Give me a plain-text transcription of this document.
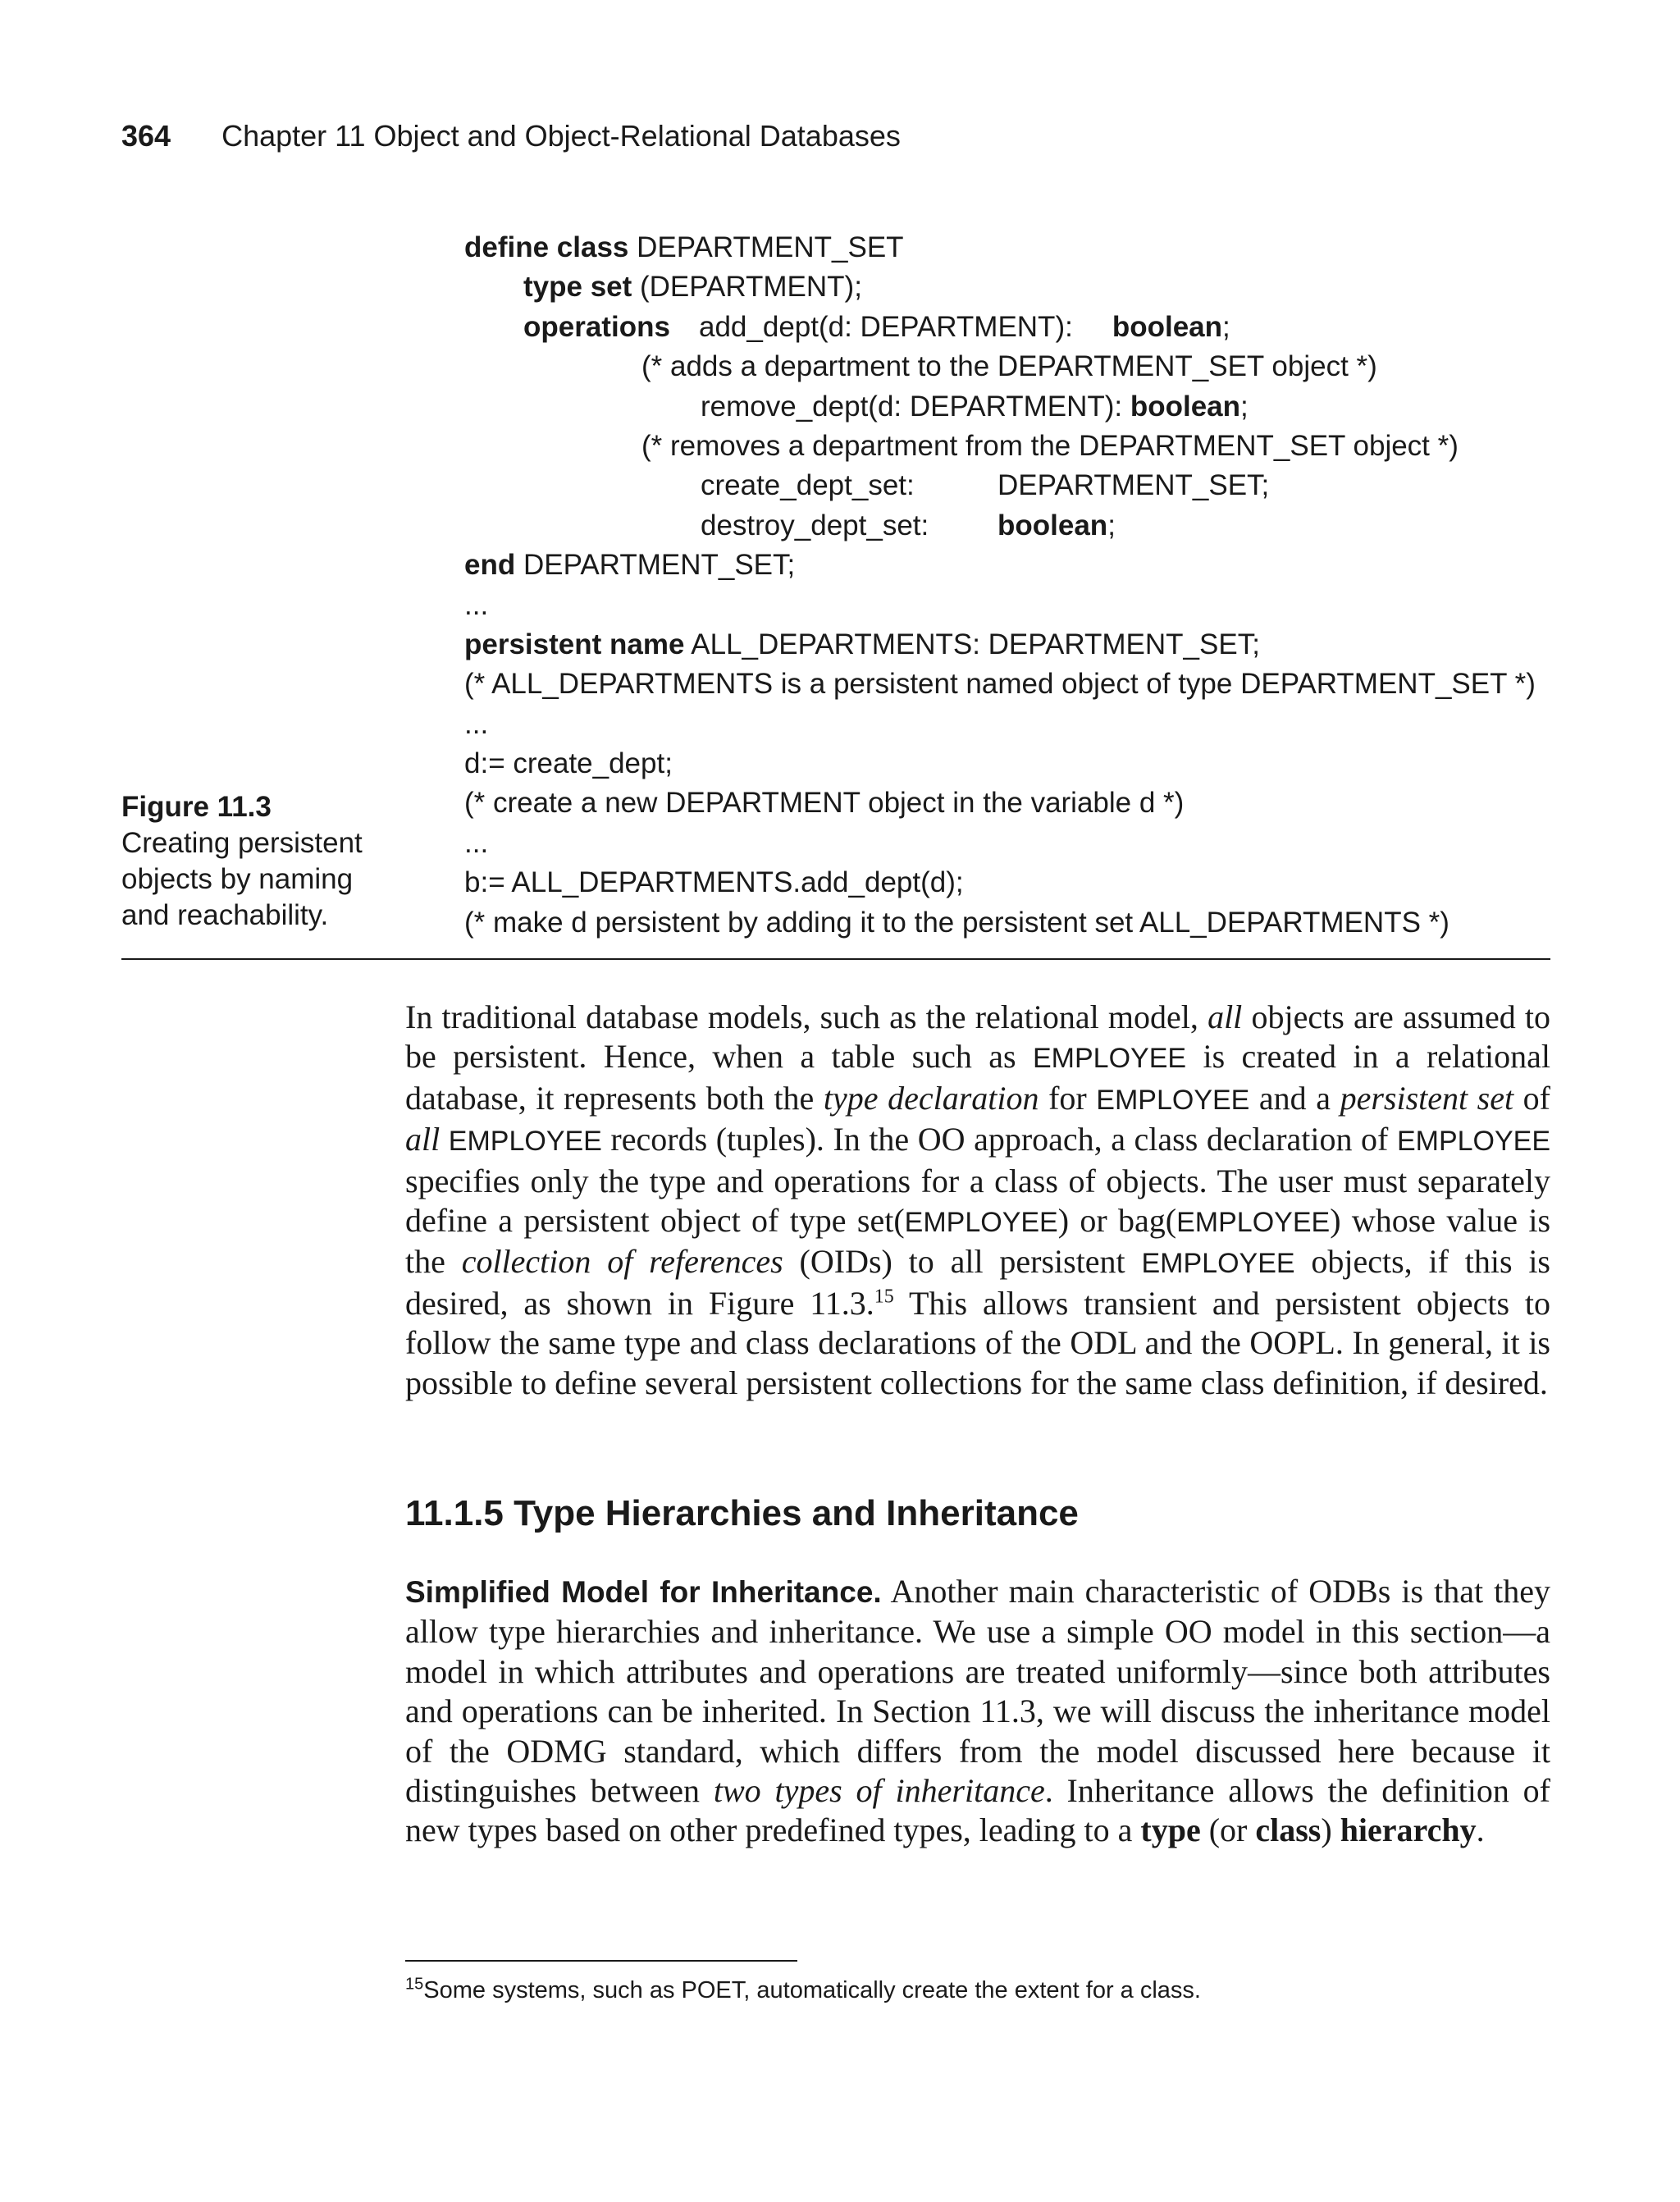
364 Chapter 11 Object and Object-Relational Databases
define class DEPARTMENT_SET
type set (DEPARTMENT);
operations add_dept(d: DEPARTMENT): boolean;
(* adds a department to the DEPARTMENT_SET object *)
remove_dept(d: DEPARTMENT): boolean;
(* removes a department from the DEPARTMENT_SET object *)
create_dept_set:	DEPARTMENT_SET;
destroy_dept_set: boolean;
end DEPARTMENT_SET;
...
persistent name ALL_DEPARTMENTS: DEPARTMENT_SET;
(* ALL_DEPARTMENTS is a persistent named object of type DEPARTMENT_SET *)
...
d:= create_dept;
(* create a new DEPARTMENT object in the variable d *)
...
b:= ALL_DEPARTMENTS.add_dept(d);
(* make d persistent by adding it to the persistent set ALL_DEPARTMENTS *)
Figure 11.3
Creating persistent objects by naming and reachability.

In traditional database models, such as the relational model, all objects are assumed to be persistent. Hence, when a table such as EMPLOYEE is created in a relational database, it represents both the type declaration for EMPLOYEE and a persistent set of all EMPLOYEE records (tuples). In the OO approach, a class declaration of EMPLOYEE specifies only the type and operations for a class of objects. The user must separately define a persistent object of type set(EMPLOYEE) or bag(EMPLOYEE) whose value is the collection of references (OIDs) to all persistent EMPLOYEE objects, if this is desired, as shown in Figure 11.3.15 This allows transient and persistent objects to follow the same type and class declarations of the ODL and the OOPL. In general, it is possible to define several persistent collections for the same class definition, if desired.

11.1.5 Type Hierarchies and Inheritance

Simplified Model for Inheritance. Another main characteristic of ODBs is that they allow type hierarchies and inheritance. We use a simple OO model in this section—a model in which attributes and operations are treated uniformly—since both attributes and operations can be inherited. In Section 11.3, we will discuss the inheritance model of the ODMG standard, which differs from the model discussed here because it distinguishes between two types of inheritance. Inheritance allows the definition of new types based on other predefined types, leading to a type (or class) hierarchy.

$^{15}$Some systems, such as POET, automatically create the extent for a class.
